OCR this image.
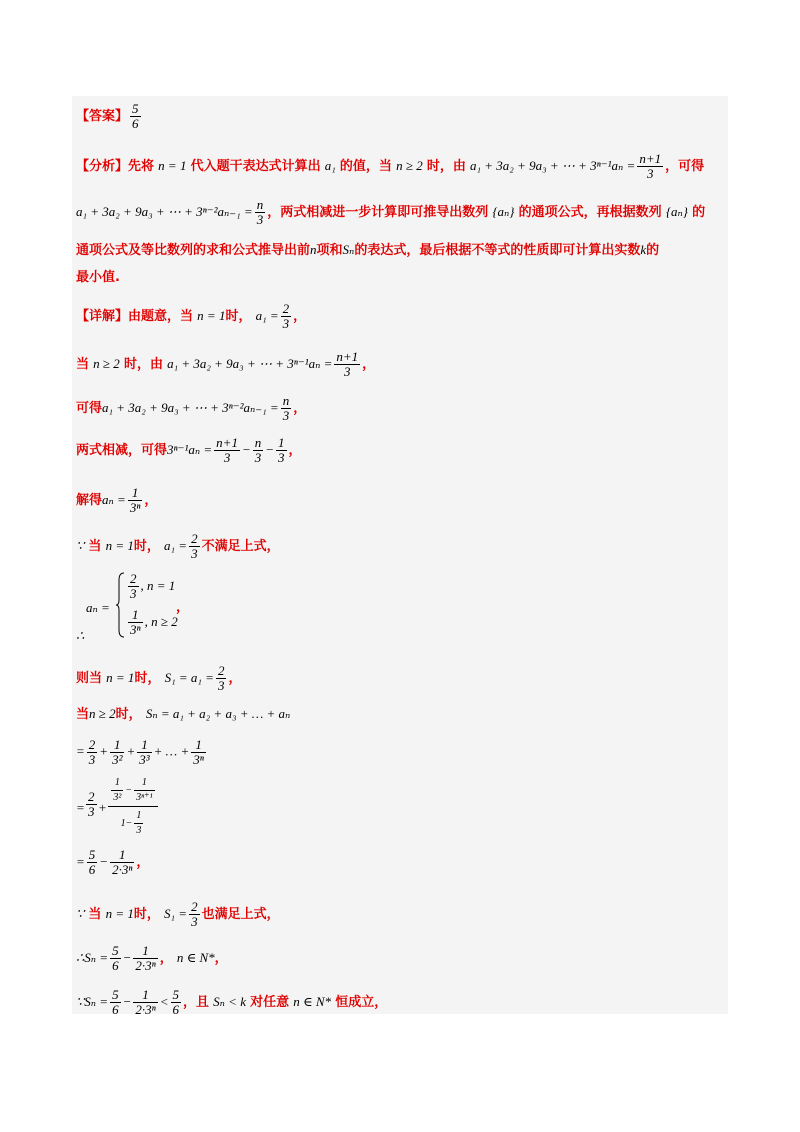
【答案】 $\frac{5}{6}$
【分析】先将 n = 1 代入题干表达式计算出 a₁ 的值，当 n ≥ 2 时，由 a₁ + 3a₂ + 9a₃ + ⋯ + $3^{n-1}a_n = \frac{n+1}{3}$ ，可得
a₁ + 3a₂ + 9a₃ + ⋯ + $3^{n-2}a_{n-1} = \frac{n}{3}$ ，两式相减进一步计算即可推导出数列 {aₙ} 的通项公式，再根据数列 {aₙ} 的
通项公式及等比数列的求和公式推导出前n项和Sₙ的表达式，最后根据不等式的性质即可计算出实数k的
最小值.
【详解】由题意，当 n = 1时， $a_1 = \frac{2}{3}$ ，
当 n ≥ 2 时，由 a₁ + 3a₂ + 9a₃ + ⋯ + $3^{n-1}a_n = \frac{n+1}{3}$ ，
可得a₁ + 3a₂ + 9a₃ + ⋯ + $3^{n-2}a_{n-1} = \frac{n}{3}$ ，
两式相减，可得$3^{n-1}a_n = \frac{n+1}{3} - \frac{n}{3} - \frac{1}{3}$ ，
解得$a_n = \frac{1}{\text{3ⁿ}}$ ，
∵ 当 n = 1时， $a_1 = \frac{2}{3}$ 不满足上式，
aₙ =
∴
$\frac{2}{3}$ , n = 1
$\frac{1}{\text{3ⁿ}}$ , n ≥ 2
，
则当 n = 1时， $S_1 = a_1 = \frac{2}{3}$ ，
当n ≥ 2时， Sₙ = a₁ + a₂ + a₃ + … + aₙ
= $\frac{2}{3} + \frac{1}{\text{3²}} + \frac{1}{\text{3³}}$ + … + $\frac{1}{\text{3ⁿ}}$
= $\frac{2}{3}$ +
$\frac{1}{\text{3²}} - \frac{1}{\text{3ⁿ⁺¹}}$
$1- \frac{1}{3}$
= $\frac{5}{6} - \frac{1}{\text{2·3ⁿ}}$ ，
∵ 当 n = 1时， $S_1 = \frac{2}{3}$ 也满足上式，
∴Sₙ = $\frac{5}{6} - \frac{1}{\text{2·3ⁿ}}$ ， n ∈ N*，
∵Sₙ = $\frac{5}{6} - \frac{1}{\text{2·3ⁿ}} < \frac{5}{6}$ ，且 Sₙ < k 对任意 n ∈ N* 恒成立，
